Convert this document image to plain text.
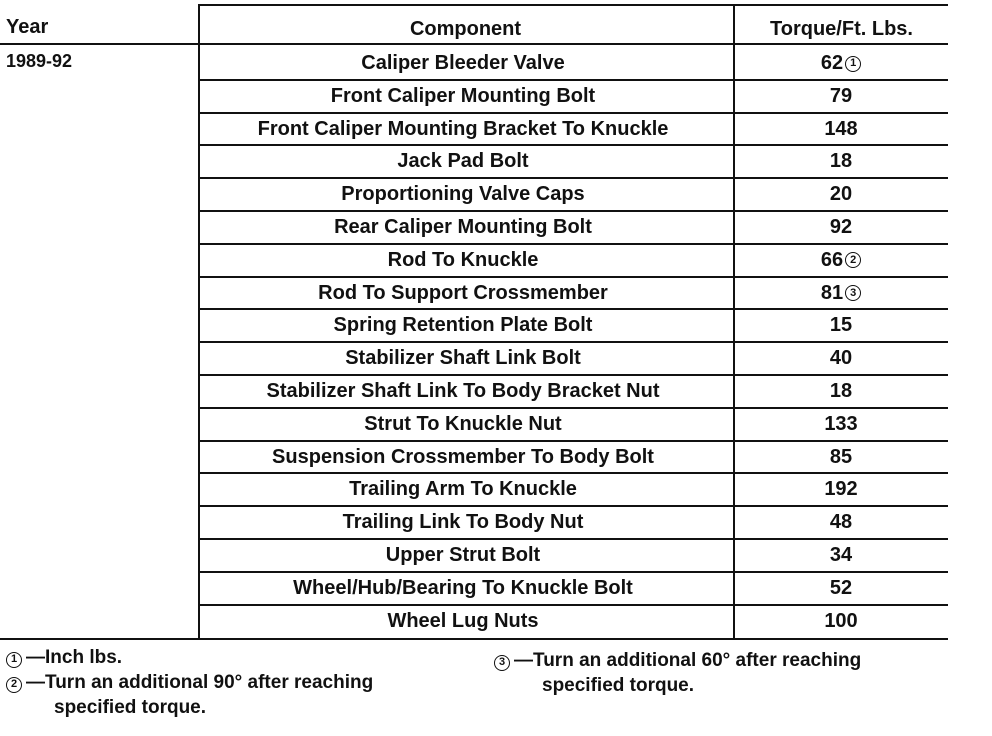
Year	Component	Torque/Ft. Lbs.
1989-92	Caliper Bleeder Valve	62 1
Front Caliper Mounting Bolt	79
Front Caliper Mounting Bracket To Knuckle	148
Jack Pad Bolt	18
Proportioning Valve Caps	20
Rear Caliper Mounting Bolt	92
Rod To Knuckle	66 2
Rod To Support Crossmember	81 3
Spring Retention Plate Bolt	15
Stabilizer Shaft Link Bolt	40
Stabilizer Shaft Link To Body Bracket Nut	18
Strut To Knuckle Nut	133
Suspension Crossmember To Body Bolt	85
Trailing Arm To Knuckle	192
Trailing Link To Body Nut	48
Upper Strut Bolt	34
Wheel/Hub/Bearing To Knuckle Bolt	52
Wheel Lug Nuts	100
1 —Inch lbs.
2 —Turn an additional 90° after reaching
specified torque.
3 —Turn an additional 60° after reaching
specified torque.
